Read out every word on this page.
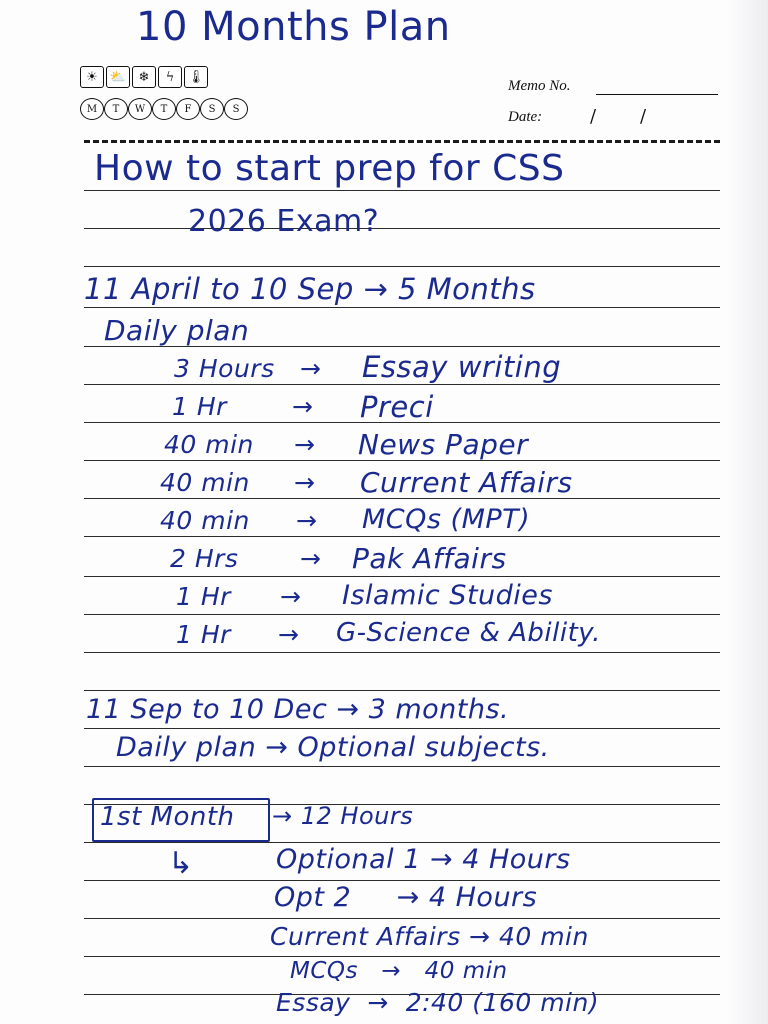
10 Months Plan
☀ ⛅ ❄	ϟ	🌡
M	T	W	T	F	S	S
Memo No.
Date:	/ /
How to start prep for CSS
2026 Exam?
11 April to 10 Sep → 5 Months
Daily plan
3 Hours → Essay writing
1 Hr	→ Preci
40 min → News Paper
40 min → Current Affairs
40 min → MCQs (MPT)
2 Hrs → Pak Affairs
1 Hr → Islamic Studies
1 Hr → G-Science & Ability.
11 Sep to 10 Dec → 3 months.
Daily plan → Optional subjects.
1st Month → 12 Hours
↳	Optional 1 → 4 Hours
Opt 2     → 4 Hours
Current Affairs → 40 min
MCQs   →   40 min
Essay  →  2:40 (160 min)
